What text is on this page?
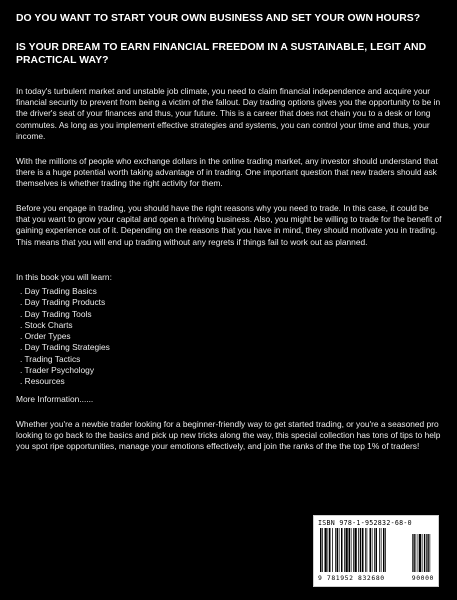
DO YOU WANT TO START YOUR OWN BUSINESS AND SET YOUR OWN HOURS?

IS YOUR DREAM TO EARN FINANCIAL FREEDOM IN A SUSTAINABLE, LEGIT AND PRACTICAL WAY?

In today's turbulent market and unstable job climate, you need to claim financial independence and acquire your financial security to prevent from being a victim of the fallout. Day trading options gives you the opportunity to be in the driver's seat of your finances and thus, your future. This is a career that does not chain you to a desk or long commutes. As long as you implement effective strategies and systems, you can control your time and thus, your income.

With the millions of people who exchange dollars in the online trading market, any investor should understand that there is a huge potential worth taking advantage of in trading. One important question that new traders should ask themselves is whether trading the right activity for them.

Before you engage in trading, you should have the right reasons why you need to trade. In this case, it could be that you want to grow your capital and open a thriving business. Also, you might be willing to trade for the benefit of gaining experience out of it. Depending on the reasons that you have in mind, they should motivate you in trading. This means that you will end up trading without any regrets if things fail to work out as planned.

In this book you will learn:

. Day Trading Basics
. Day Trading Products
. Day Trading Tools
. Stock Charts
. Order Types
. Day Trading Strategies
. Trading Tactics
. Trader Psychology
. Resources

More Information......

Whether you're a newbie trader looking for a beginner-friendly way to get started trading, or you're a seasoned pro looking to go back to the basics and pick up new tricks along the way, this special collection has tons of tips to help you spot ripe opportunities, manage your emotions effectively, and join the ranks of the the top 1% of traders!

ISBN 978-1-952832-68-0
9 781952 832680	90000
